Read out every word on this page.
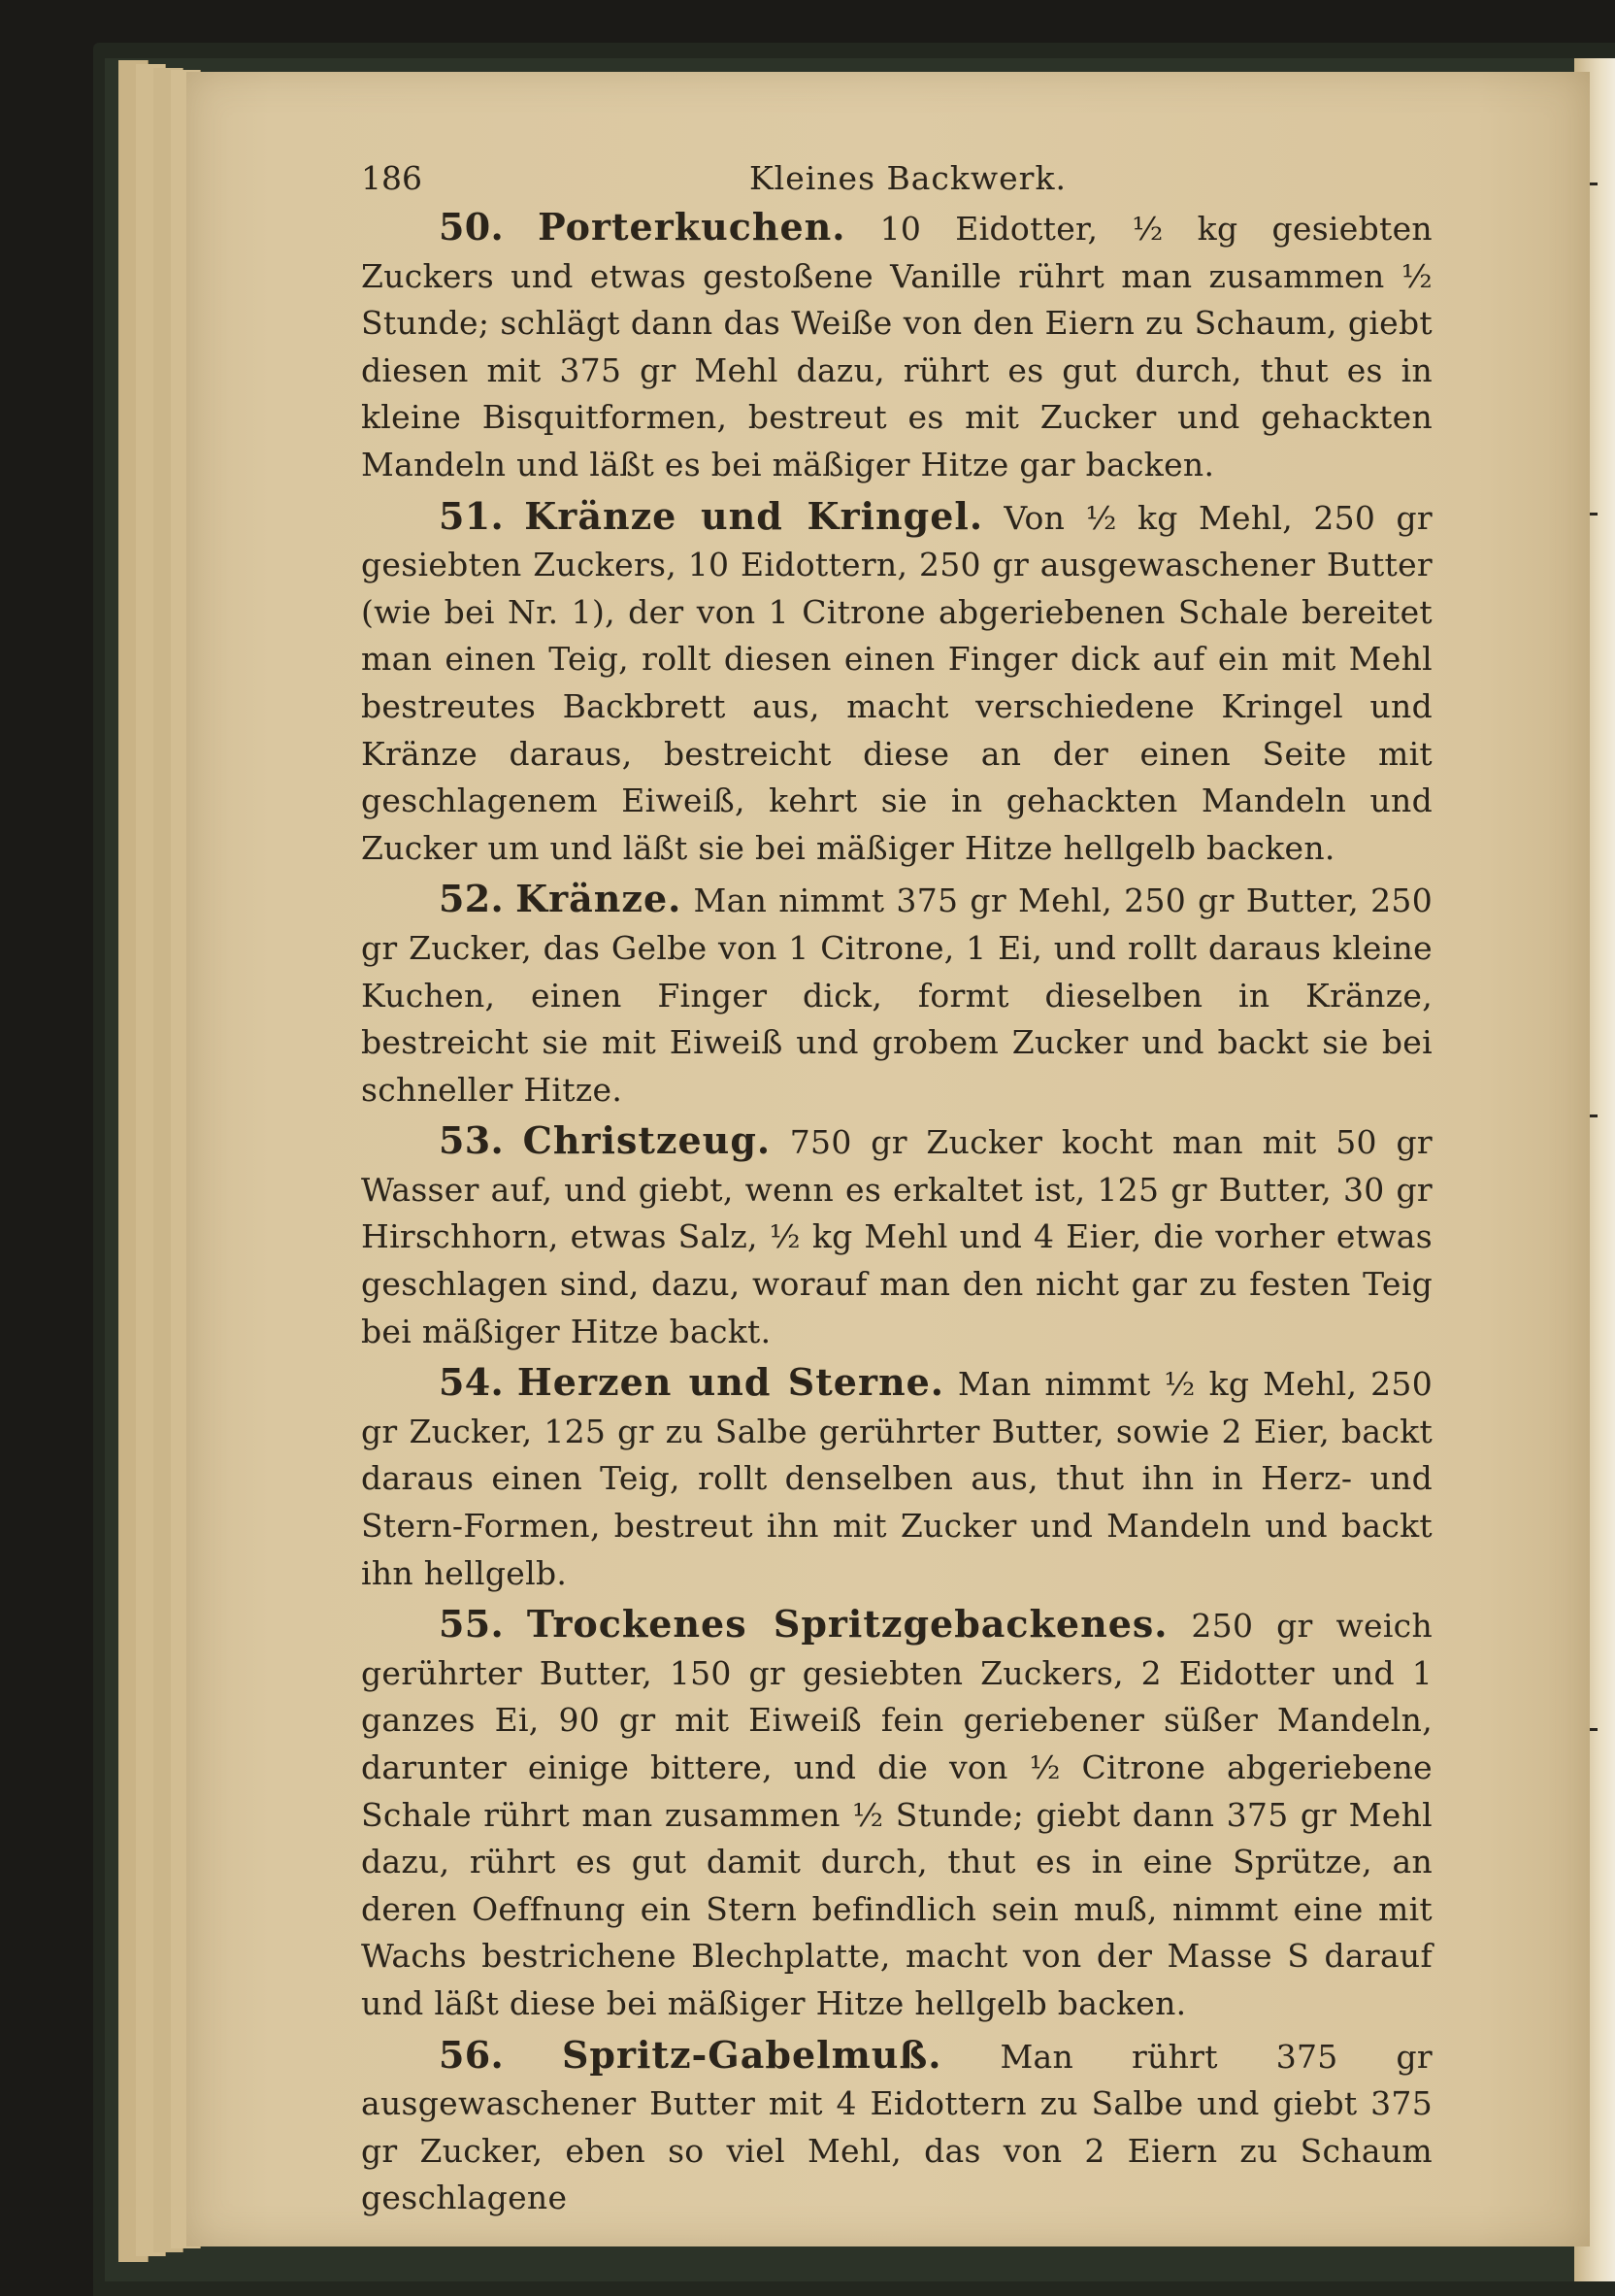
186	Kleines Backwerk.

50. Porterkuchen. 10 Eidotter, ½ kg gesiebten Zuckers und etwas gestoßene Vanille rührt man zusammen ½ Stunde; schlägt dann das Weiße von den Eiern zu Schaum, giebt diesen mit 375 gr Mehl dazu, rührt es gut durch, thut es in kleine Bisquitformen, bestreut es mit Zucker und gehackten Mandeln und läßt es bei mäßiger Hitze gar backen.

51. Kränze und Kringel. Von ½ kg Mehl, 250 gr gesiebten Zuckers, 10 Eidottern, 250 gr ausgewaschener Butter (wie bei Nr. 1), der von 1 Citrone abgeriebenen Schale bereitet man einen Teig, rollt diesen einen Finger dick auf ein mit Mehl bestreutes Backbrett aus, macht verschiedene Kringel und Kränze daraus, bestreicht diese an der einen Seite mit geschlagenem Eiweiß, kehrt sie in gehackten Mandeln und Zucker um und läßt sie bei mäßiger Hitze hellgelb backen.

52. Kränze. Man nimmt 375 gr Mehl, 250 gr Butter, 250 gr Zucker, das Gelbe von 1 Citrone, 1 Ei, und rollt daraus kleine Kuchen, einen Finger dick, formt dieselben in Kränze, bestreicht sie mit Eiweiß und grobem Zucker und backt sie bei schneller Hitze.

53. Christzeug. 750 gr Zucker kocht man mit 50 gr Wasser auf, und giebt, wenn es erkaltet ist, 125 gr Butter, 30 gr Hirschhorn, etwas Salz, ½ kg Mehl und 4 Eier, die vorher etwas geschlagen sind, dazu, worauf man den nicht gar zu festen Teig bei mäßiger Hitze backt.

54. Herzen und Sterne. Man nimmt ½ kg Mehl, 250 gr Zucker, 125 gr zu Salbe gerührter Butter, sowie 2 Eier, backt daraus einen Teig, rollt denselben aus, thut ihn in Herz- und Stern-Formen, bestreut ihn mit Zucker und Mandeln und backt ihn hellgelb.

55. Trockenes Spritzgebackenes. 250 gr weich gerührter Butter, 150 gr gesiebten Zuckers, 2 Eidotter und 1 ganzes Ei, 90 gr mit Eiweiß fein geriebener süßer Mandeln, darunter einige bittere, und die von ½ Citrone abgeriebene Schale rührt man zusammen ½ Stunde; giebt dann 375 gr Mehl dazu, rührt es gut damit durch, thut es in eine Sprütze, an deren Oeffnung ein Stern befindlich sein muß, nimmt eine mit Wachs bestrichene Blechplatte, macht von der Masse S darauf und läßt diese bei mäßiger Hitze hellgelb backen.

56. Spritz-Gabelmuß. Man rührt 375 gr ausgewaschener Butter mit 4 Eidottern zu Salbe und giebt 375 gr Zucker, eben so viel Mehl, das von 2 Eiern zu Schaum geschlagene
